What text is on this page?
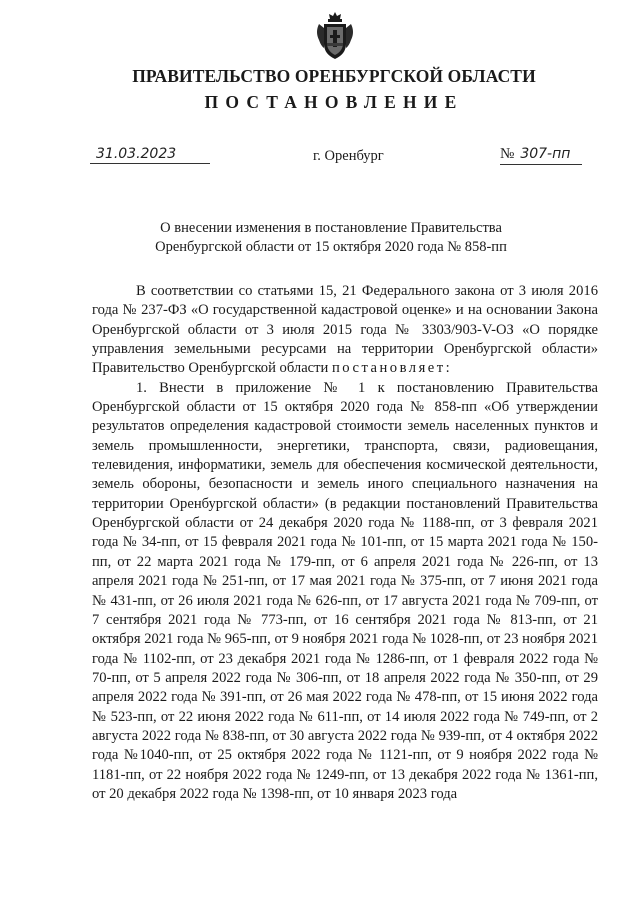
ПРАВИТЕЛЬСТВО ОРЕНБУРГСКОЙ ОБЛАСТИ
ПОСТАНОВЛЕНИЕ
31.03.2023	г. Оренбург	№ 307-пп
О внесении изменения в постановление Правительства
Оренбургской области от 15 октября 2020 года № 858-пп

В соответствии со статьями 15, 21 Федерального закона от 3 июля 2016 года № 237-ФЗ «О государственной кадастровой оценке» и на основании Закона Оренбургской области от 3 июля 2015 года № 3303/903-V-ОЗ «О порядке управления земельными ресурсами на территории Оренбургской области» Правительство Оренбургской области постановляет:

1. Внести в приложение № 1 к постановлению Правительства Оренбургской области от 15 октября 2020 года № 858-пп «Об утверждении результатов определения кадастровой стоимости земель населенных пунктов и земель промышленности, энергетики, транспорта, связи, радиовещания, телевидения, информатики, земель для обеспечения космической деятельности, земель обороны, безопасности и земель иного специального назначения на территории Оренбургской области» (в редакции постановлений Правительства Оренбургской области от 24 декабря 2020 года № 1188-пп, от 3 февраля 2021 года № 34-пп, от 15 февраля 2021 года № 101-пп, от 15 марта 2021 года № 150-пп, от 22 марта 2021 года № 179-пп, от 6 апреля 2021 года № 226-пп, от 13 апреля 2021 года № 251-пп, от 17 мая 2021 года № 375-пп, от 7 июня 2021 года № 431-пп, от 26 июля 2021 года № 626-пп, от 17 августа 2021 года № 709-пп, от 7 сентября 2021 года № 773-пп, от 16 сентября 2021 года № 813-пп, от 21 октября 2021 года № 965-пп, от 9 ноября 2021 года № 1028-пп, от 23 ноября 2021 года № 1102-пп, от 23 декабря 2021 года № 1286-пп, от 1 февраля 2022 года № 70-пп, от 5 апреля 2022 года № 306-пп, от 18 апреля 2022 года № 350-пп, от 29 апреля 2022 года № 391-пп, от 26 мая 2022 года № 478-пп, от 15 июня 2022 года № 523-пп, от 22 июня 2022 года № 611-пп, от 14 июля 2022 года № 749-пп, от 2 августа 2022 года № 838-пп, от 30 августа 2022 года № 939-пп, от 4 октября 2022 года №1040-пп, от 25 октября 2022 года № 1121-пп, от 9 ноября 2022 года № 1181-пп, от 22 ноября 2022 года № 1249-пп, от 13 декабря 2022 года № 1361-пп, от 20 декабря 2022 года № 1398-пп, от 10 января 2023 года
